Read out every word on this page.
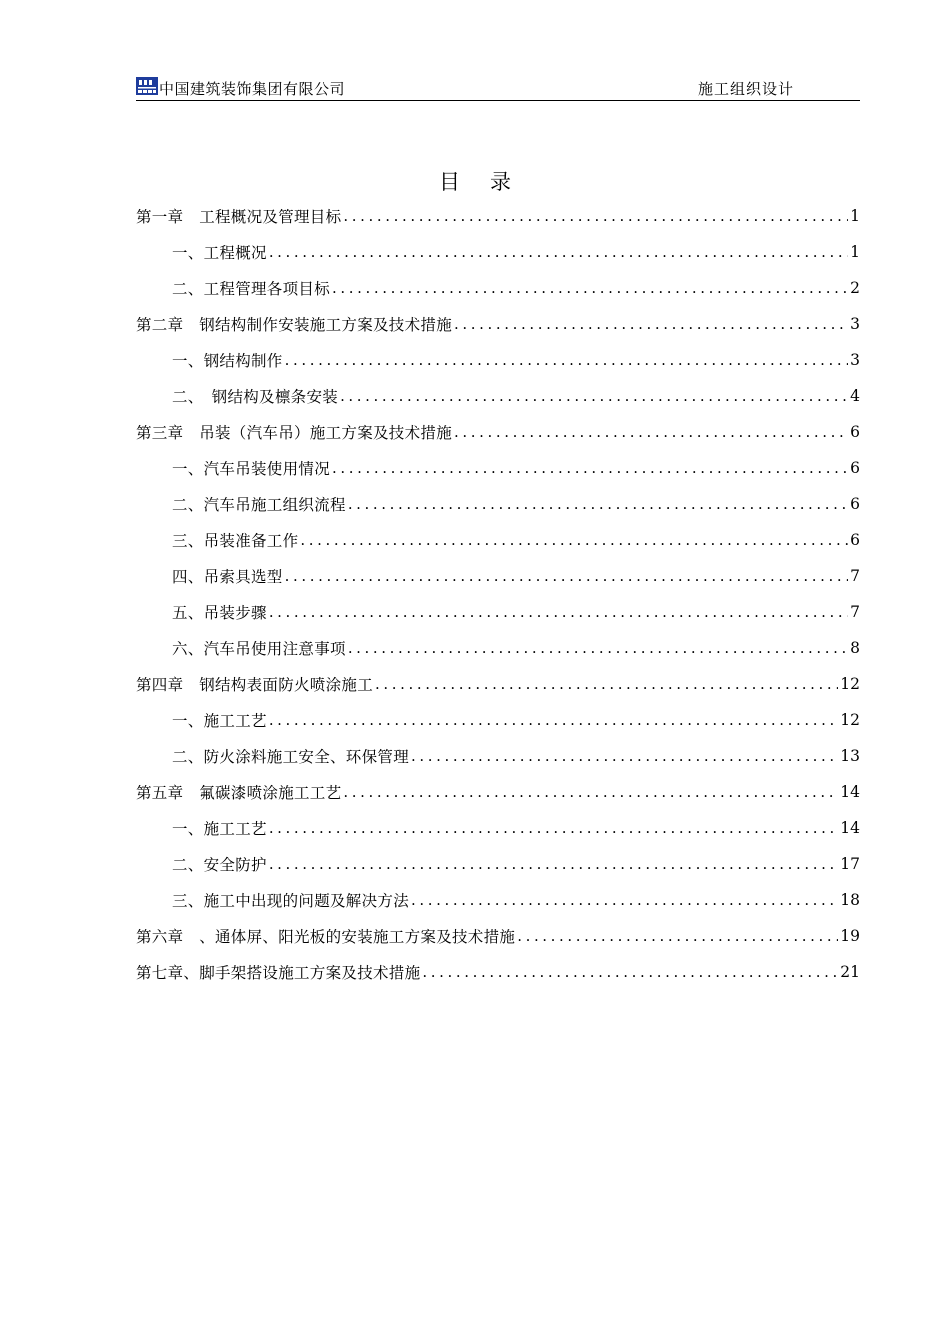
中国建筑装饰集团有限公司	施工组织设计
目录
第一章　工程概况及管理目标 .....	1
一、工程概况 .....	1
二、工程管理各项目标 .....	2
第二章　钢结构制作安装施工方案及技术措施 .....	3
一、钢结构制作 .....	3
二、　钢结构及檩条安装 .....	4
第三章　吊装（汽车吊）施工方案及技术措施 .....	6
一、汽车吊装使用情况 .....	6
二、汽车吊施工组织流程 .....	6
三、吊装准备工作 .....	6
四、吊索具选型 .....	7
五、吊装步骤 .....	7
六、汽车吊使用注意事项 .....	8
第四章　钢结构表面防火喷涂施工 .....	12
一、施工工艺 .....	12
二、防火涂料施工安全、环保管理 .....	13
第五章　氟碳漆喷涂施工工艺 .....	14
一、施工工艺 .....	14
二、安全防护 .....	17
三、施工中出现的问题及解决方法 .....	18
第六章　、通体屏、阳光板的安装施工方案及技术措施 .....	19
第七章、脚手架搭设施工方案及技术措施 .....	21
